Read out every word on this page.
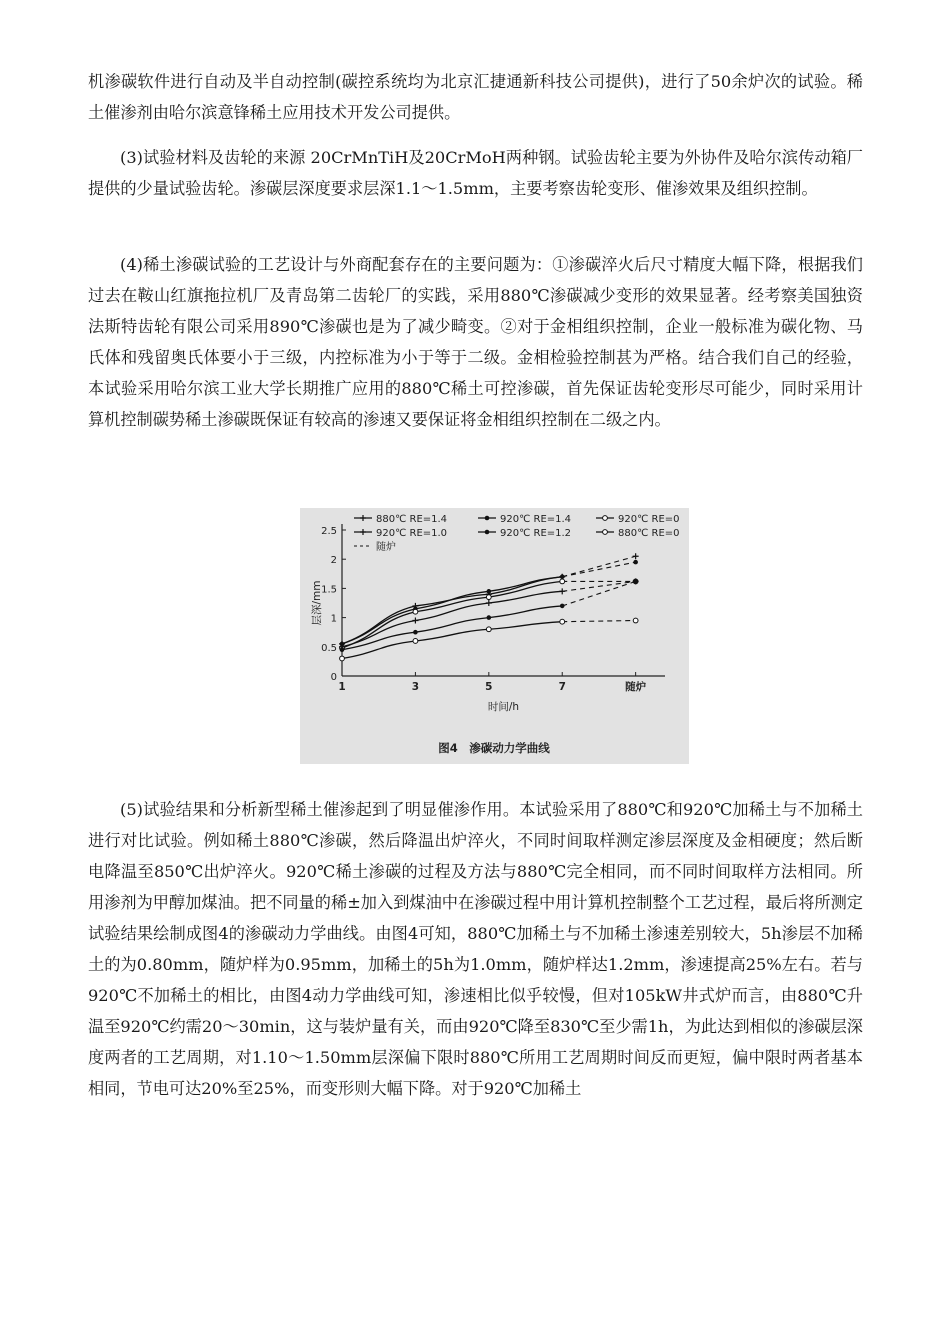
机渗碳软件进行自动及半自动控制(碳控系统均为北京汇捷通新科技公司提供)，进行了50余炉次的试验。稀土催渗剂由哈尔滨意锋稀土应用技术开发公司提供。

(3)试验材料及齿轮的来源 20CrMnTiH及20CrMoH两种钢。试验齿轮主要为外协件及哈尔滨传动箱厂提供的少量试验齿轮。渗碳层深度要求层深1.1～1.5mm，主要考察齿轮变形、催渗效果及组织控制。

(4)稀土渗碳试验的工艺设计与外商配套存在的主要问题为：①渗碳淬火后尺寸精度大幅下降，根据我们过去在鞍山红旗拖拉机厂及青岛第二齿轮厂的实践，采用880℃渗碳减少变形的效果显著。经考察美国独资法斯特齿轮有限公司采用890℃渗碳也是为了减少畸变。②对于金相组织控制，企业一般标准为碳化物、马氏体和残留奥氏体要小于三级，内控标准为小于等于二级。金相检验控制甚为严格。结合我们自己的经验，本试验采用哈尔滨工业大学长期推广应用的880℃稀土可控渗碳，首先保证齿轮变形尽可能少，同时采用计算机控制碳势稀土渗碳既保证有较高的渗速又要保证将金相组织控制在二级之内。

0
0.5
1
1.5
2
2.5
1	3	5	7	随炉
时间/h
层深/mm
880℃ RE=1.4	920℃ RE=1.4	920℃ RE=0
920℃ RE=1.0	920℃ RE=1.2	880℃ RE=0
随炉
图4　渗碳动力学曲线

(5)试验结果和分析新型稀土催渗起到了明显催渗作用。本试验采用了880℃和920℃加稀土与不加稀土进行对比试验。例如稀土880℃渗碳，然后降温出炉淬火，不同时间取样测定渗层深度及金相硬度；然后断电降温至850℃出炉淬火。920℃稀土渗碳的过程及方法与880℃完全相同，而不同时间取样方法相同。所用渗剂为甲醇加煤油。把不同量的稀±加入到煤油中在渗碳过程中用计算机控制整个工艺过程，最后将所测定试验结果绘制成图4的渗碳动力学曲线。由图4可知，880℃加稀土与不加稀土渗速差别较大，5h渗层不加稀土的为0.80mm，随炉样为0.95mm，加稀土的5h为1.0mm，随炉样达1.2mm，渗速提高25%左右。若与920℃不加稀土的相比，由图4动力学曲线可知，渗速相比似乎较慢，但对105kW井式炉而言，由880℃升温至920℃约需20～30min，这与装炉量有关，而由920℃降至830℃至少需1h，为此达到相似的渗碳层深度两者的工艺周期，对1.10～1.50mm层深偏下限时880℃所用工艺周期时间反而更短，偏中限时两者基本相同，节电可达20%至25%，而变形则大幅下降。对于920℃加稀土
